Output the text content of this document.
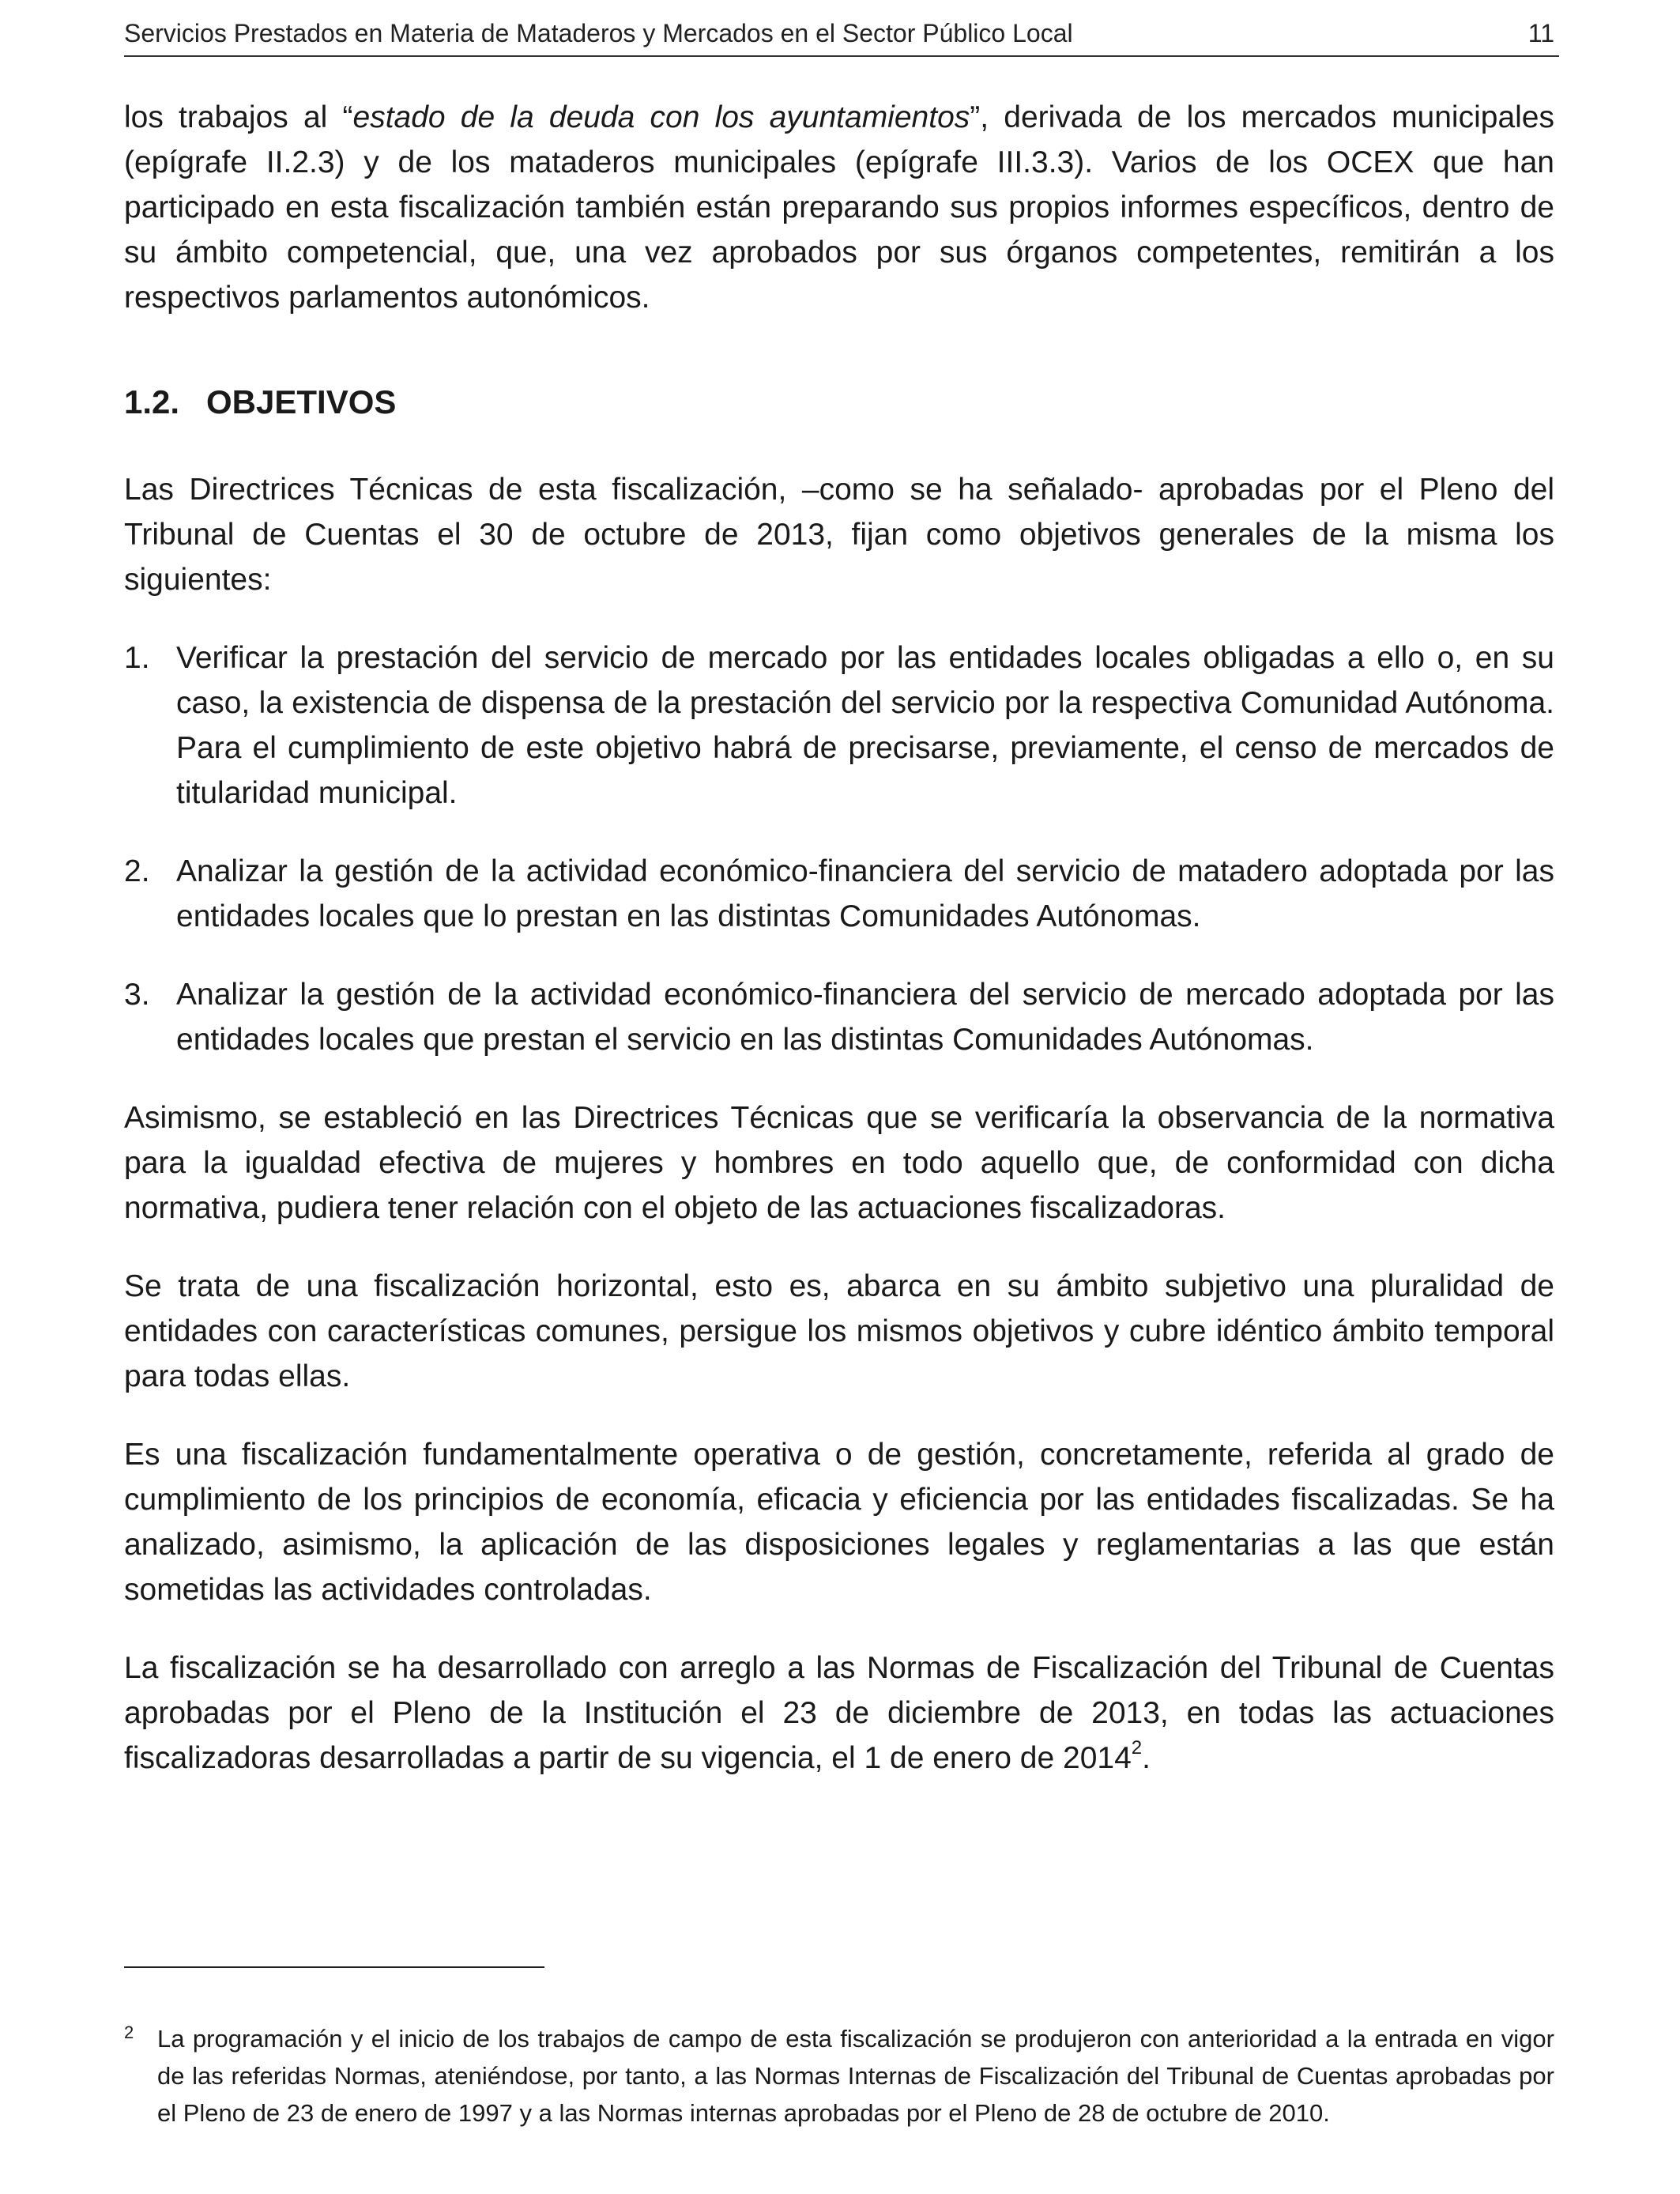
Servicios Prestados en Materia de Mataderos y Mercados en el Sector Público Local	11

los trabajos al “estado de la deuda con los ayuntamientos”, derivada de los mercados municipales (epígrafe II.2.3) y de los mataderos municipales (epígrafe III.3.3). Varios de los OCEX que han participado en esta fiscalización también están preparando sus propios informes específicos, dentro de su ámbito competencial, que, una vez aprobados por sus órganos competentes, remitirán a los respectivos parlamentos autonómicos.

1.2. OBJETIVOS

Las Directrices Técnicas de esta fiscalización, –como se ha señalado- aprobadas por el Pleno del Tribunal de Cuentas el 30 de octubre de 2013, fijan como objetivos generales de la misma los siguientes:

1. Verificar la prestación del servicio de mercado por las entidades locales obligadas a ello o, en su caso, la existencia de dispensa de la prestación del servicio por la respectiva Comunidad Autónoma. Para el cumplimiento de este objetivo habrá de precisarse, previamente, el censo de mercados de titularidad municipal.
2. Analizar la gestión de la actividad económico-financiera del servicio de matadero adoptada por las entidades locales que lo prestan en las distintas Comunidades Autónomas.
3. Analizar la gestión de la actividad económico-financiera del servicio de mercado adoptada por las entidades locales que prestan el servicio en las distintas Comunidades Autónomas.

Asimismo, se estableció en las Directrices Técnicas que se verificaría la observancia de la normativa para la igualdad efectiva de mujeres y hombres en todo aquello que, de conformidad con dicha normativa, pudiera tener relación con el objeto de las actuaciones fiscalizadoras.

Se trata de una fiscalización horizontal, esto es, abarca en su ámbito subjetivo una pluralidad de entidades con características comunes, persigue los mismos objetivos y cubre idéntico ámbito temporal para todas ellas.

Es una fiscalización fundamentalmente operativa o de gestión, concretamente, referida al grado de cumplimiento de los principios de economía, eficacia y eficiencia por las entidades fiscalizadas. Se ha analizado, asimismo, la aplicación de las disposiciones legales y reglamentarias a las que están sometidas las actividades controladas.

La fiscalización se ha desarrollado con arreglo a las Normas de Fiscalización del Tribunal de Cuentas aprobadas por el Pleno de la Institución el 23 de diciembre de 2013, en todas las actuaciones fiscalizadoras desarrolladas a partir de su vigencia, el 1 de enero de 2014$^2$.

2 La programación y el inicio de los trabajos de campo de esta fiscalización se produjeron con anterioridad a la entrada en vigor de las referidas Normas, ateniéndose, por tanto, a las Normas Internas de Fiscalización del Tribunal de Cuentas aprobadas por el Pleno de 23 de enero de 1997 y a las Normas internas aprobadas por el Pleno de 28 de octubre de 2010.
